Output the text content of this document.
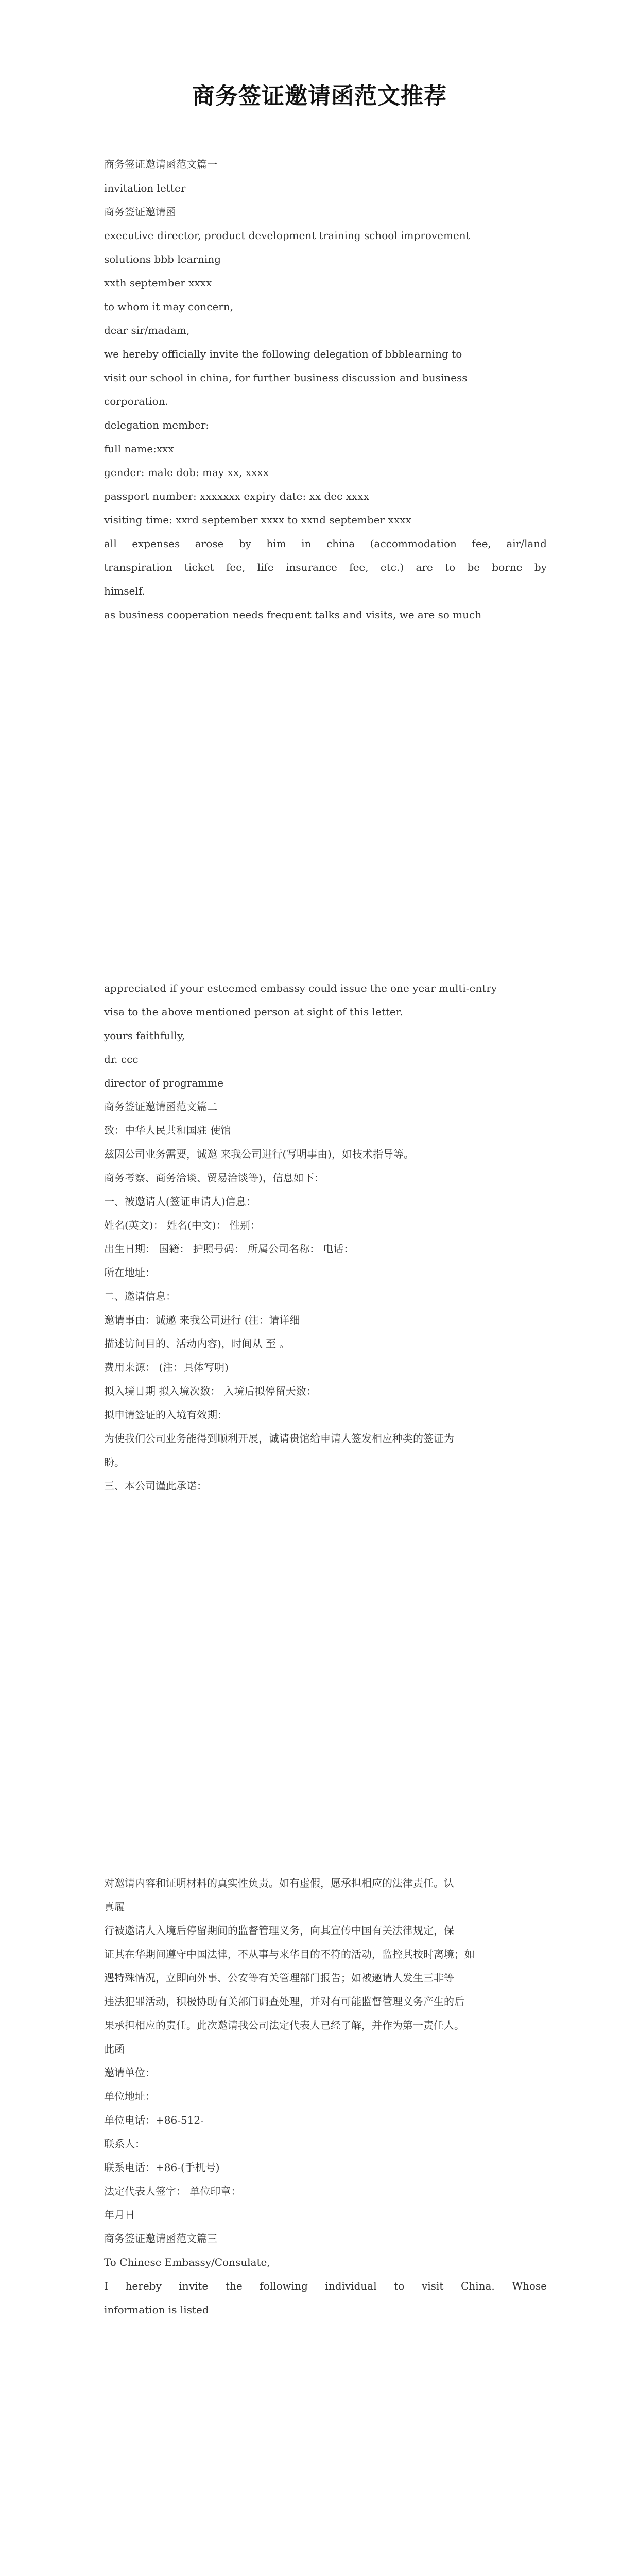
商务签证邀请函范文推荐
商务签证邀请函范文篇一
invitation letter
商务签证邀请函
executive director, product development training school improvement
solutions bbb learning
xxth september xxxx
to whom it may concern,
dear sir/madam,
we hereby officially invite the following delegation of bbblearning to
visit our school in china, for further business discussion and business
corporation.
delegation member:
full name:xxx
gender: male dob: may xx, xxxx
passport number: xxxxxxx expiry date: xx dec xxxx
visiting time: xxrd september xxxx to xxnd september xxxx
all expenses arose by him in china (accommodation fee, air/land
transpiration ticket fee, life insurance fee, etc.) are to be borne by
himself.
as business cooperation needs frequent talks and visits, we are so much
appreciated if your esteemed embassy could issue the one year multi-entry
visa to the above mentioned person at sight of this letter.
yours faithfully,
dr. ccc
director of programme
商务签证邀请函范文篇二
致：中华人民共和国驻 使馆
兹因公司业务需要，诚邀 来我公司进行(写明事由)，如技术指导等。
商务考察、商务洽谈、贸易洽谈等)，信息如下：
一、被邀请人(签证申请人)信息：
姓名(英文)： 姓名(中文)： 性别：
出生日期： 国籍： 护照号码： 所属公司名称： 电话：
所在地址：
二、邀请信息：
邀请事由：诚邀 来我公司进行 (注：请详细
描述访问目的、活动内容)，时间从 至 。
费用来源： (注：具体写明)
拟入境日期 拟入境次数： 入境后拟停留天数：
拟申请签证的入境有效期：
为使我们公司业务能得到顺利开展，诚请贵馆给申请人签发相应种类的签证为
盼。
三、本公司谨此承诺：
对邀请内容和证明材料的真实性负责。如有虚假，愿承担相应的法律责任。认
真履
行被邀请人入境后停留期间的监督管理义务，向其宣传中国有关法律规定，保
证其在华期间遵守中国法律，不从事与来华目的不符的活动，监控其按时离境；如
遇特殊情况，立即向外事、公安等有关管理部门报告；如被邀请人发生三非等
违法犯罪活动，积极协助有关部门调查处理，并对有可能监督管理义务产生的后
果承担相应的责任。此次邀请我公司法定代表人已经了解，并作为第一责任人。
此函
邀请单位：
单位地址：
单位电话：+86-512-
联系人：
联系电话：+86-(手机号)
法定代表人签字： 单位印章：
年月日
商务签证邀请函范文篇三
To Chinese Embassy/Consulate,
I hereby invite the following individual to visit China. Whose
information is listed
